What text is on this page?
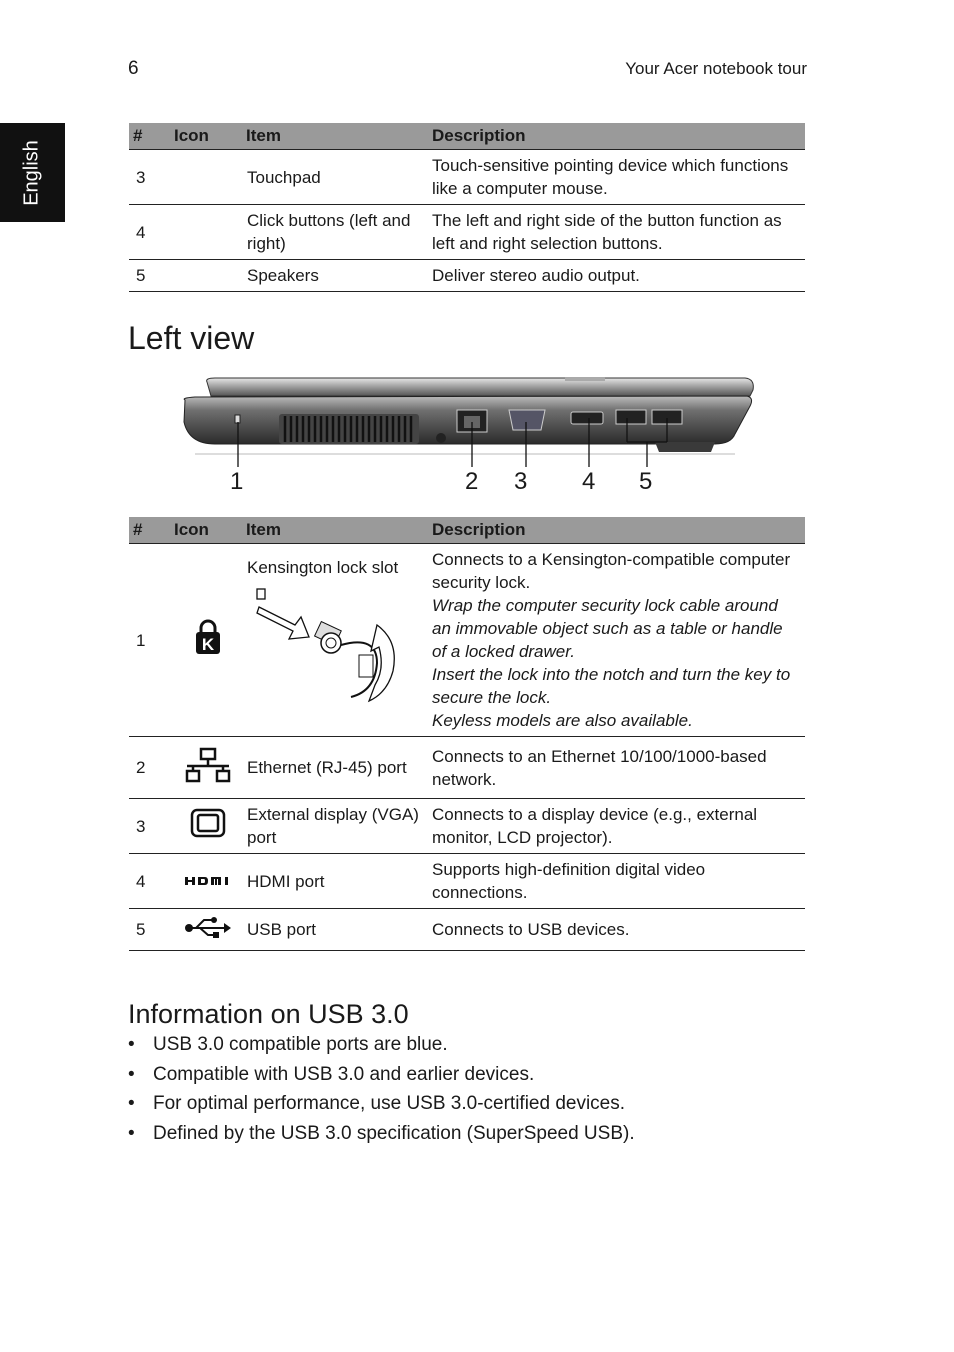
6	Your Acer notebook tour
English
#	Icon	Item	Description
3		Touchpad	Touch-sensitive pointing device which functions like a computer mouse.
4		Click buttons (left and right)	The left and right side of the button function as left and right selection buttons.
5		Speakers	Deliver stereo audio output.
Left view
1	2 3 4 5
#	Icon	Item	Description
1	K	Kensington lock slot	Connects to a Kensington-compatible computer security lock.
Wrap the computer security lock cable around an immovable object such as a table or handle of a locked drawer.
Insert the lock into the notch and turn the key to secure the lock.
Keyless models are also available.

2		Ethernet (RJ-45) port	Connects to an Ethernet 10/100/1000-based network.
3		External display (VGA) port	Connects to a display device (e.g., external monitor, LCD projector).
4		HDMI port	Supports high-definition digital video connections.
5		USB port	Connects to USB devices.
Information on USB 3.0
• USB 3.0 compatible ports are blue.
• Compatible with USB 3.0 and earlier devices.
• For optimal performance, use USB 3.0-certified devices.
• Defined by the USB 3.0 specification (SuperSpeed USB).
